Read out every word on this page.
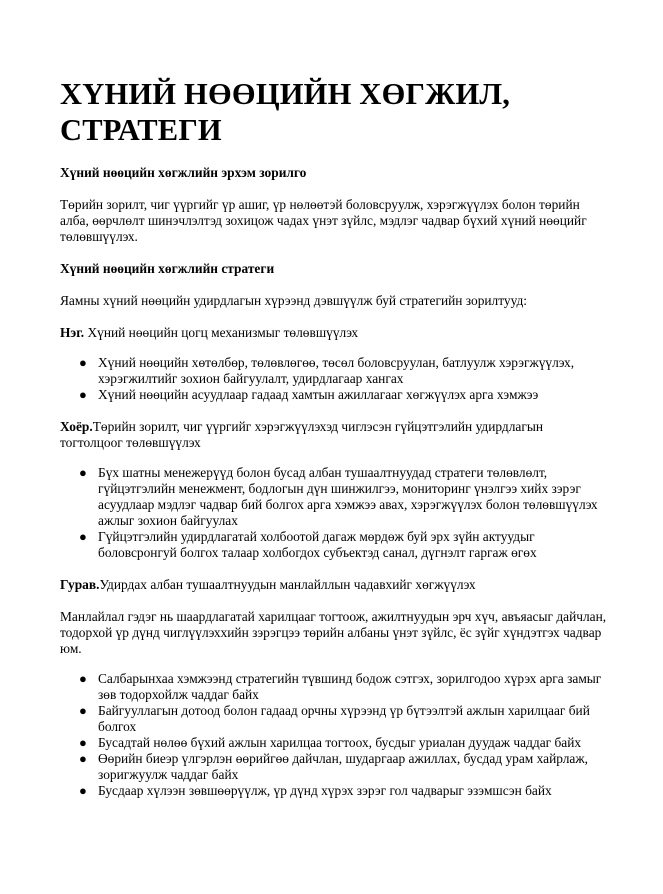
ХҮНИЙ НӨӨЦИЙН ХӨГЖИЛ, СТРАТЕГИ

Хүний нөөцийн хөгжлийн эрхэм зорилго

Төрийн зорилт, чиг үүргийг үр ашиг, үр нөлөөтэй боловсруулж, хэрэгжүүлэх болон төрийн алба, өөрчлөлт шинэчлэлтэд зохицож чадах үнэт зүйлс, мэдлэг чадвар бүхий хүний нөөцийг төлөвшүүлэх.

Хүний нөөцийн хөгжлийн стратеги

Яамны хүний нөөцийн удирдлагын хүрээнд дэвшүүлж буй стратегийн зорилтууд:

Нэг. Хүний нөөцийн цогц механизмыг төлөвшүүлэх

● Хүний нөөцийн хөтөлбөр, төлөвлөгөө, төсөл боловсруулан, батлуулж хэрэгжүүлэх, хэрэгжилтийг зохион байгуулалт, удирдлагаар хангах
● Хүний нөөцийн асуудлаар гадаад хамтын ажиллагааг хөгжүүлэх арга хэмжээ

Хоёр.Төрийн зорилт, чиг үүргийг хэрэгжүүлэхэд чиглэсэн гүйцэтгэлийн удирдлагын тогтолцоог төлөвшүүлэх

● Бүх шатны менежерүүд болон бусад албан тушаалтнуудад стратеги төлөвлөлт, гүйцэтгэлийн менежмент, бодлогын дүн шинжилгээ, мониторинг үнэлгээ хийх зэрэг асуудлаар мэдлэг чадвар бий болгох арга хэмжээ авах, хэрэгжүүлэх болон төлөвшүүлэх ажлыг зохион байгуулах
● Гүйцэтгэлийн удирдлагатай холбоотой дагаж мөрдөж буй эрх зүйн актуудыг боловсронгуй болгох талаар холбогдох субъектэд санал, дүгнэлт гаргаж өгөх

Гурав.Удирдах албан тушаалтнуудын манлайллын чадавхийг хөгжүүлэх

Манлайлал гэдэг нь шаардлагатай харилцааг тогтоож, ажилтнуудын эрч хүч, авъяасыг дайчлан, тодорхой үр дүнд чиглүүлэххийн зэрэгцээ төрийн албаны үнэт зүйлс, ёс зүйг хүндэтгэх чадвар юм.

● Салбарынхаа хэмжээнд стратегийн түвшинд бодож сэтгэх, зорилгодоо хүрэх арга замыг зөв тодорхойлж чаддаг байх
● Байгууллагын дотоод болон гадаад орчны хүрээнд үр бүтээлтэй ажлын харилцааг бий болгох
● Бусадтай нөлөө бүхий ажлын харилцаа тогтоох, бусдыг уриалан дуудаж чаддаг байх
● Өөрийн биеэр үлгэрлэн өөрийгөө дайчлан, шударгаар ажиллах, бусдад урам хайрлаж, зоригжуулж чаддаг байх
● Бусдаар хүлээн зөвшөөрүүлж, үр дүнд хүрэх зэрэг гол чадварыг эзэмшсэн байх
